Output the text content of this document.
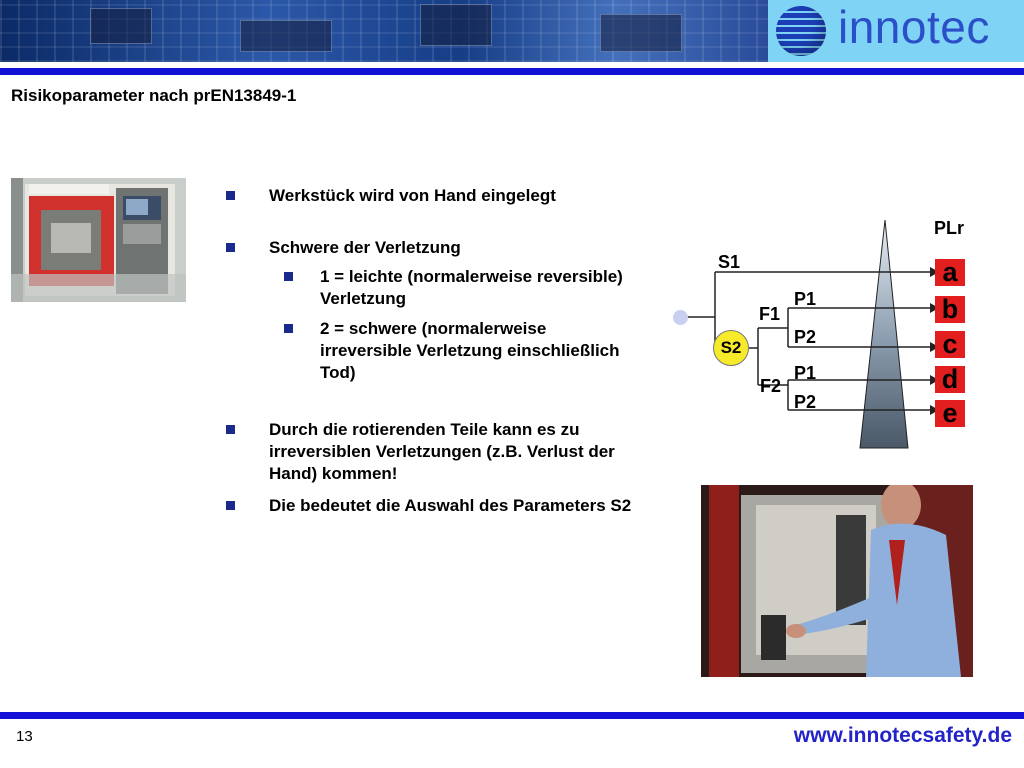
innotec
Risikoparameter nach prEN13849-1
Werkstück wird von Hand eingelegt
Schwere der Verletzung
1 = leichte (normalerweise reversible) Verletzung
2 = schwere (normalerweise irreversible Verletzung einschließlich Tod)
Durch die rotierenden Teile kann es zu irreversiblen Verletzungen (z.B. Verlust der Hand) kommen!
Die bedeutet die Auswahl des Parameters S2
PLr
S1
S2
F1
F2
P1
P2
P1
P2
a
b
c
d
e
13	www.innotecsafety.de
